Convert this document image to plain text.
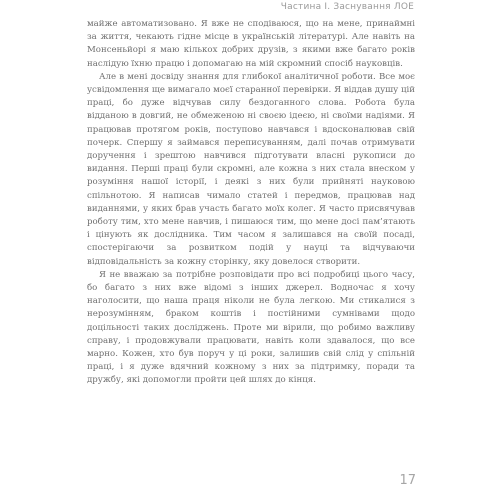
Частина І. Заснування ЛОЕ

майже автоматизовано. Я вже не сподіваюся, що на мене, принаймні за життя, чекають гідне місце в українській літературі. Але навіть на Монсеньйорі я маю кількох добрих друзів, з якими вже багато років наслідую їхню працю і допомагаю на мій скромний спосіб науковців.

Але в мені досвіду знання для глибокої аналітичної роботи. Все моє усвідомлення ще вимагало моєї старанної перевірки. Я віддав душу цій праці, бо дуже відчував силу бездоганного слова. Робота була відданою в довгий, не обмеженою ні своєю ідеєю, ні своїми надіями. Я працював протягом років, поступово навчався і вдосконалював свій почерк. Спершу я займався переписуванням, далі почав отримувати доручення і зрештою навчився підготувати власні рукописи до видання. Перші праці були скромні, але кожна з них стала внеском у розуміння нашої історії, і деякі з них були прийняті науковою спільнотою. Я написав чимало статей і передмов, працював над виданнями, у яких брав участь багато моїх колег. Я часто присвячував роботу тим, хто мене навчив, і пишаюся тим, що мене досі пам’ятають і цінують як дослідника. Тим часом я залишався на своїй посаді, спостерігаючи за розвитком подій у науці та відчуваючи відповідальність за кожну сторінку, яку довелося створити.

Я не вважаю за потрібне розповідати про всі подробиці цього часу, бо багато з них вже відомі з інших джерел. Водночас я хочу наголосити, що наша праця ніколи не була легкою. Ми стикалися з нерозумінням, браком коштів і постійними сумнівами щодо доцільності таких досліджень. Проте ми вірили, що робимо важливу справу, і продовжували працювати, навіть коли здавалося, що все марно. Кожен, хто був поруч у ці роки, залишив свій слід у спільній праці, і я дуже вдячний кожному з них за підтримку, поради та дружбу, які допомогли пройти цей шлях до кінця.

17
